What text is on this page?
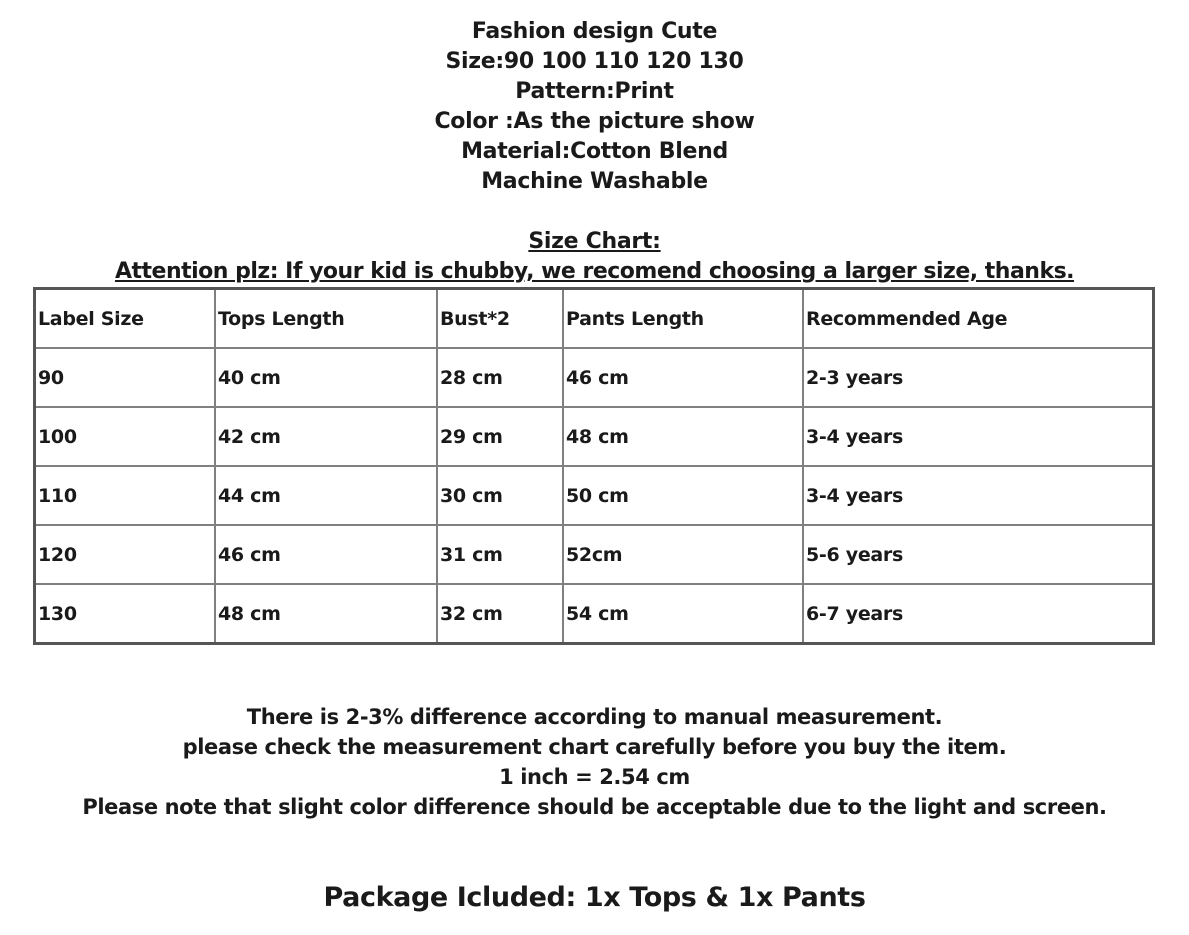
Fashion design Cute
Size:90 100 110 120 130
Pattern:Print
Color :As the picture show
Material:Cotton Blend
Machine Washable
Size Chart:
Attention plz: If your kid is chubby, we recomend choosing a larger size, thanks.
Label Size	Tops Length	Bust*2	Pants Length	Recommended Age
90	40 cm	28 cm	46 cm	2-3 years
100	42 cm	29 cm	48 cm	3-4 years
110	44 cm	30 cm	50 cm	3-4 years
120	46 cm	31 cm	52cm	5-6 years
130	48 cm	32 cm	54 cm	6-7 years
There is 2-3% difference according to manual measurement.
please check the measurement chart carefully before you buy the item.
1 inch = 2.54 cm
Please note that slight color difference should be acceptable due to the light and screen.
Package Icluded: 1x Tops & 1x Pants
